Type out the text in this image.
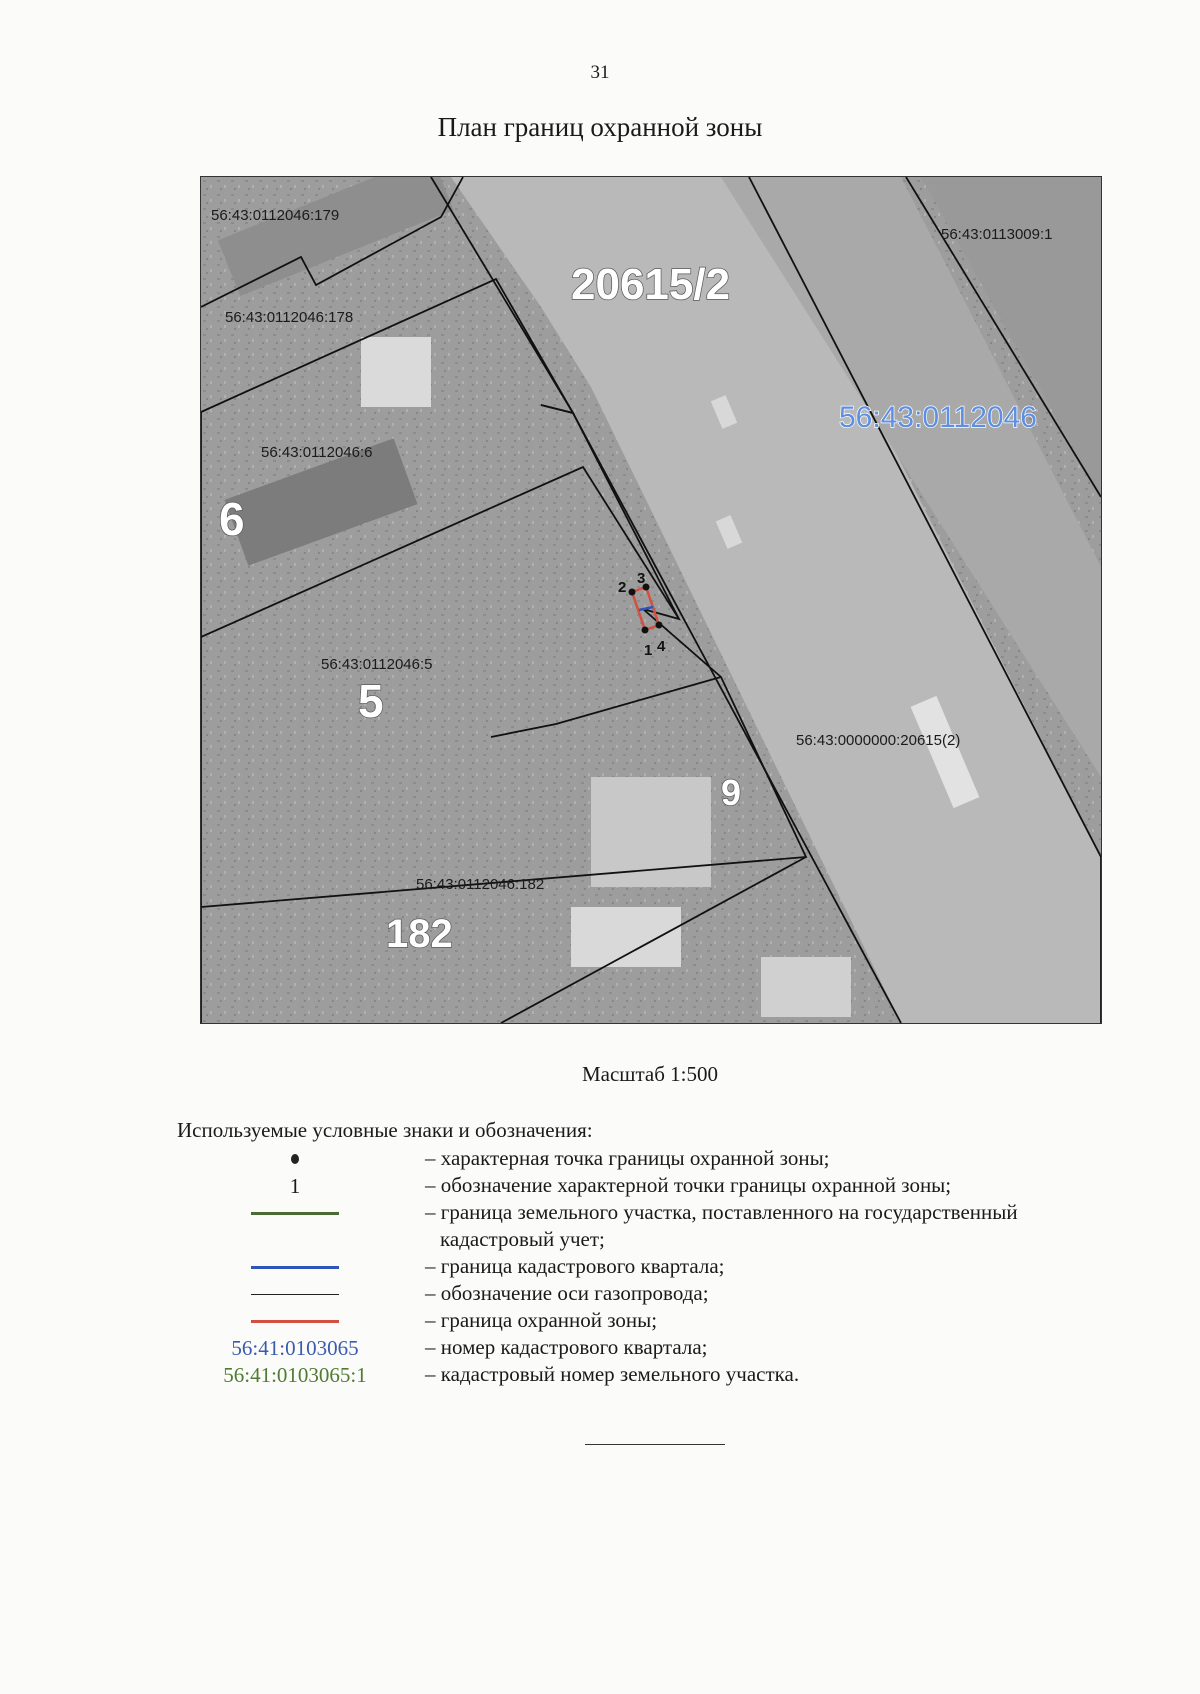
31
План границ охранной зоны
2
3
1 4
20615/2
6
5
182
9
56:43:0112046:179
56:43:0112046:178
56:43:0112046:6
56:43:0112046:5
56:43:0112046:182
56:43:0113009:1
56:43:0000000:20615(2)
56:43:0112046
Масштаб 1:500
Используемые условные знаки и обозначения:
– характерная точка границы охранной зоны;
1	– обозначение характерной точки границы охранной зоны;
– граница земельного участка, поставленного на государственный
кадастровый учет;
– граница кадастрового квартала;
– обозначение оси газопровода;
– граница охранной зоны;
56:41:0103065	– номер кадастрового квартала;
56:41:0103065:1	– кадастровый номер земельного участка.
